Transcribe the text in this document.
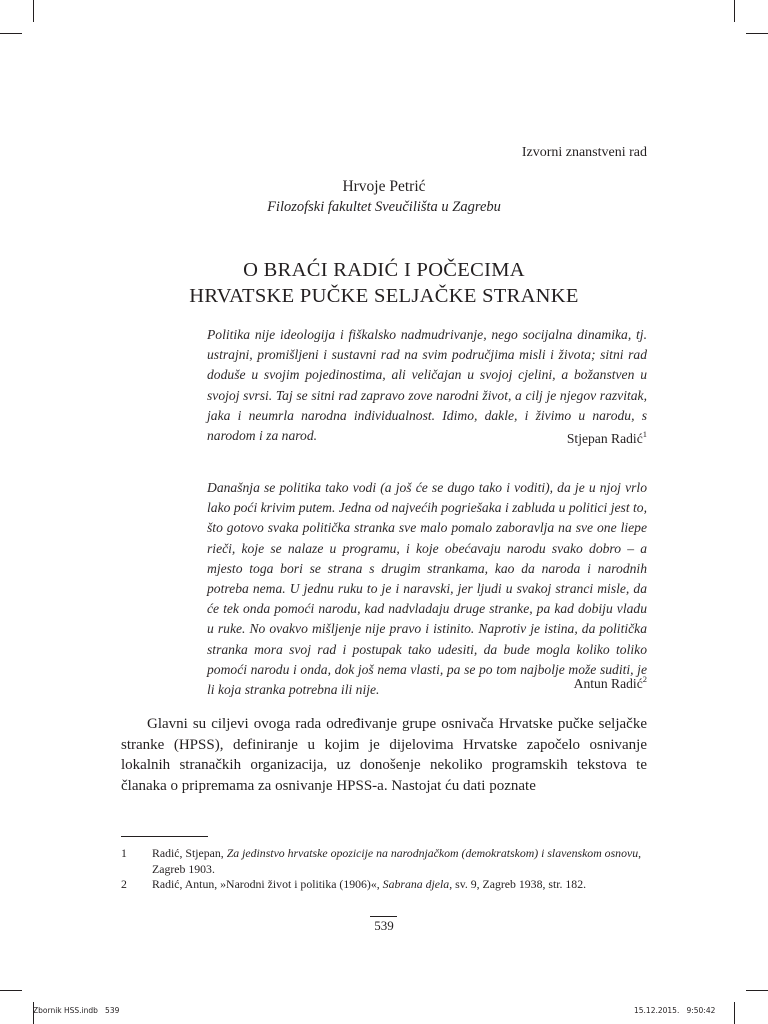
Izvorni znanstveni rad
Hrvoje Petrić
Filozofski fakultet Sveučilišta u Zagrebu
O BRAĆI RADIĆ I POČECIMA
HRVATSKE PUČKE SELJAČKE STRANKE

Politika nije ideologija i fiškalsko nadmudrivanje, nego socijalna dinamika, tj. ustrajni, promišljeni i sustavni rad na svim područjima misli i života; sitni rad doduše u svojim pojedinostima, ali veličajan u svojoj cjelini, a božanstven u svojoj svrsi. Taj se sitni rad zapravo zove narodni život, a cilj je njegov razvitak, jaka i neumrla narodna individualnost. Idimo, dakle, i živimo u narodu, s narodom i za narod.	Stjepan Radić$^1$

Današnja se politika tako vodi (a još će se dugo tako i voditi), da je u njoj vrlo lako poći krivim putem. Jedna od najvećih pogriešaka i zabluda u politici jest to, što gotovo svaka politička stranka sve malo pomalo zaboravlja na sve one liepe rieči, koje se nalaze u programu, i koje obećavaju narodu svako dobro – a mjesto toga bori se strana s drugim strankama, kao da naroda i narodnih potreba nema. U jednu ruku to je i naravski, jer ljudi u svakoj stranci misle, da će tek onda pomoći narodu, kad nadvladaju druge stranke, pa kad dobiju vladu u ruke. No ovakvo mišljenje nije pravo i istinito. Naprotiv je istina, da politička stranka mora svoj rad i postupak tako udesiti, da bude mogla koliko toliko pomoći narodu i onda, dok još nema vlasti, pa se po tom najbolje može suditi, je li koja stranka potrebna ili nije.	Antun Radić$^2$

Glavni su ciljevi ovoga rada određivanje grupe osnivača Hrvatske pučke seljačke stranke (HPSS), definiranje u kojim je dijelovima Hrvatske započelo osnivanje lokalnih stranačkih organizacija, uz donošenje nekoliko programskih tekstova te članaka o pripremama za osnivanje HPSS-a. Nastojat ću dati poznate

1 Radić, Stjepan, Za jedinstvo hrvatske opozicije na narodnjačkom (demokratskom) i slavenskom osnovu, Zagreb 1903.
2 Radić, Antun, »Narodni život i politika (1906)«, Sabrana djela, sv. 9, Zagreb 1938, str. 182.
539
Zbornik HSS.indb   539	15.12.2015.   9:50:42
